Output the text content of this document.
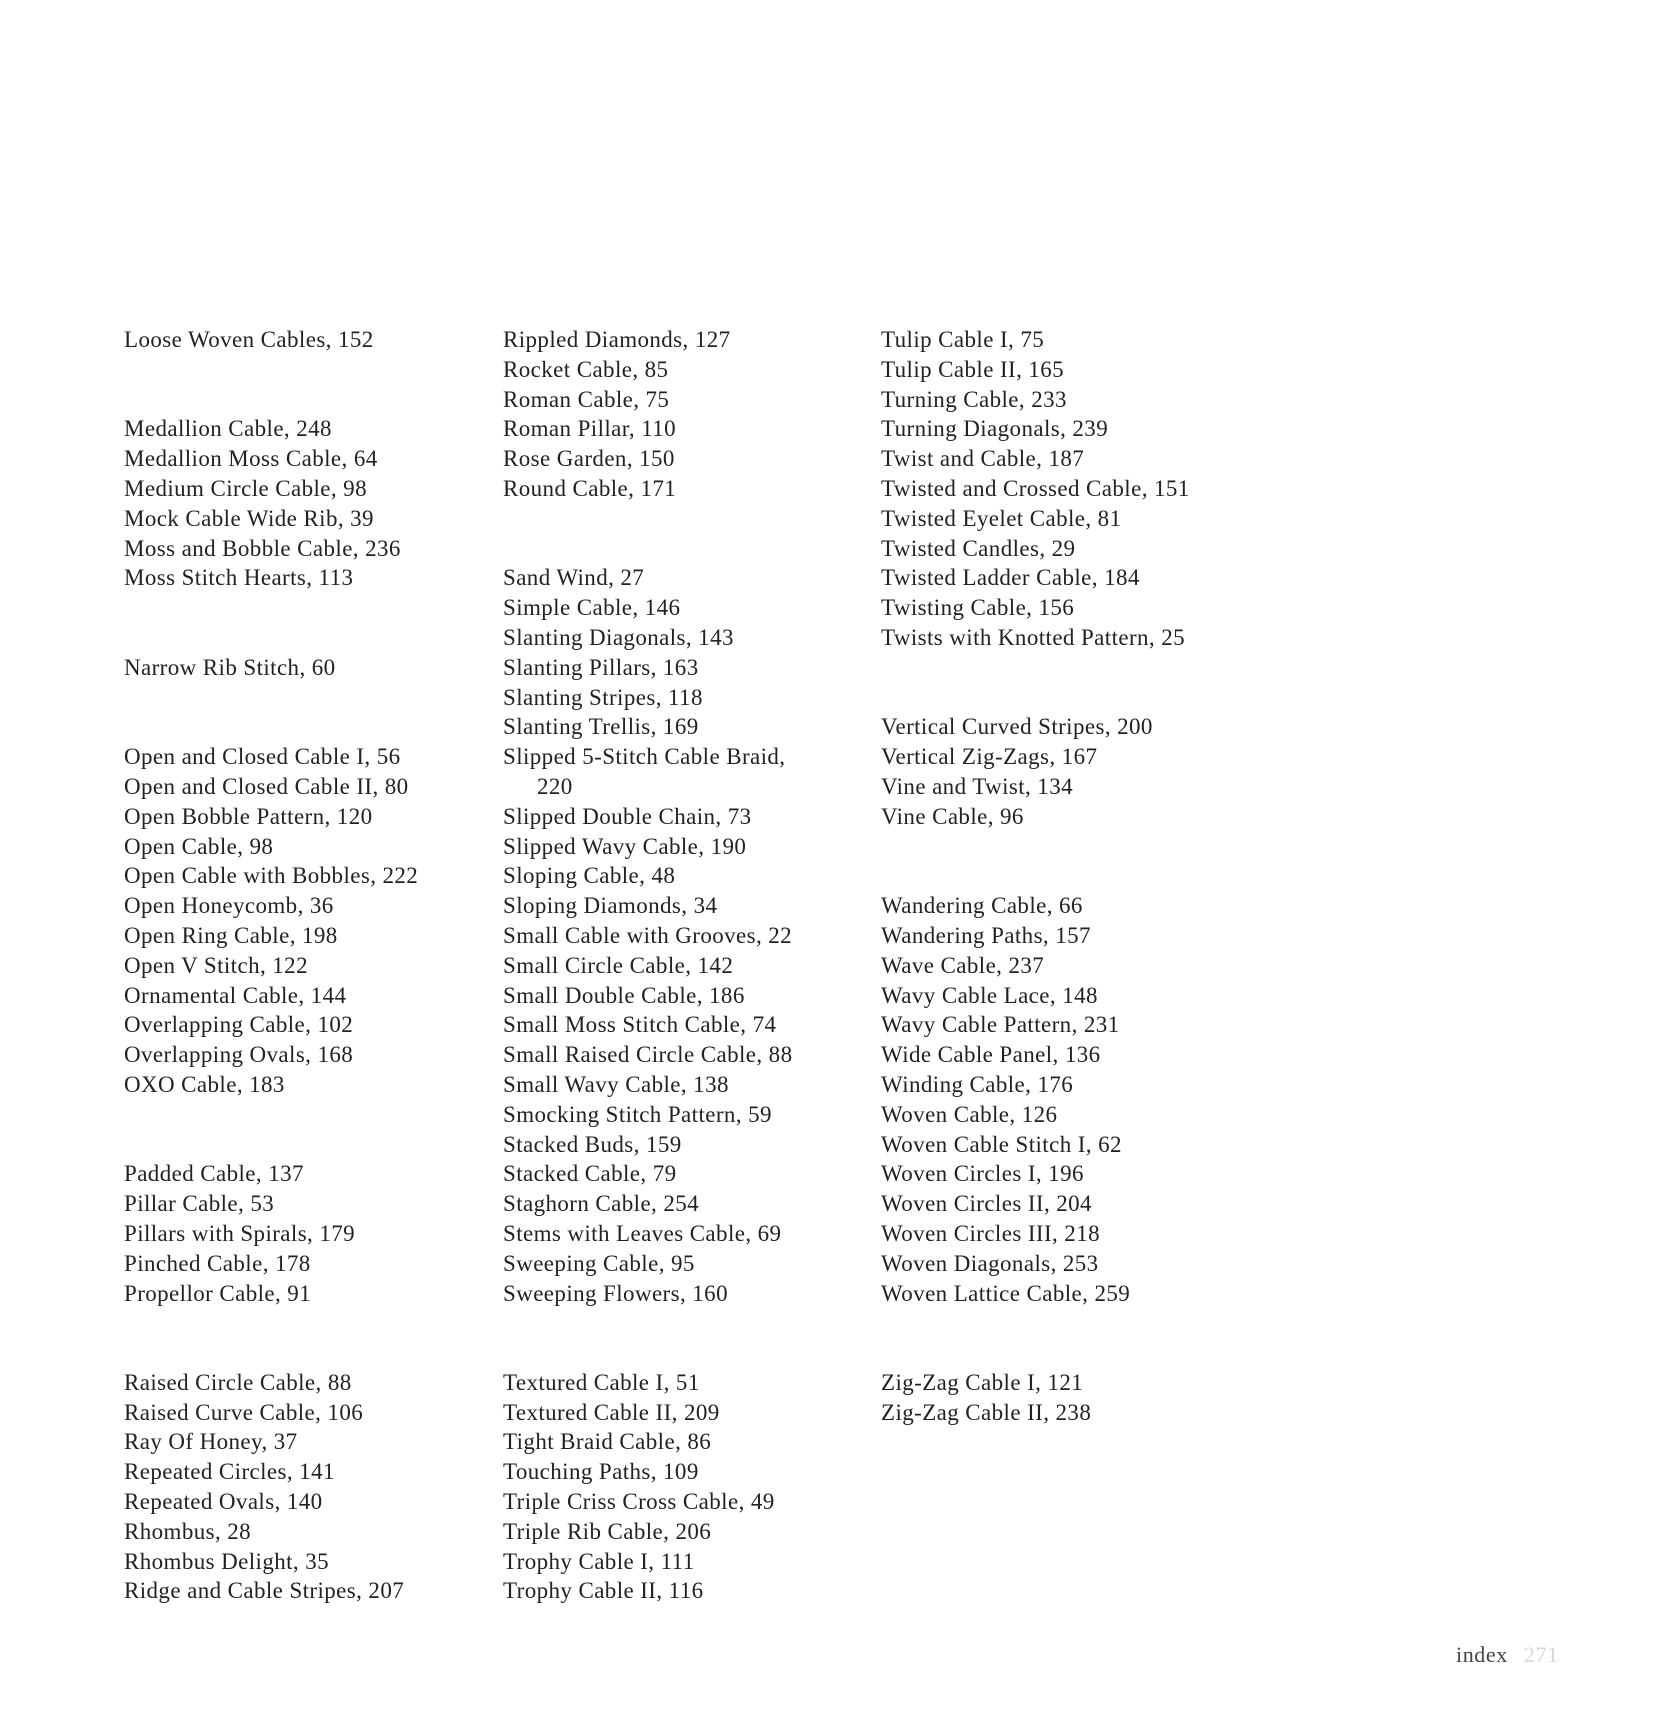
Loose Woven Cables, 152
Medallion Cable, 248
Medallion Moss Cable, 64
Medium Circle Cable, 98
Mock Cable Wide Rib, 39
Moss and Bobble Cable, 236
Moss Stitch Hearts, 113
Narrow Rib Stitch, 60
Open and Closed Cable I, 56
Open and Closed Cable II, 80
Open Bobble Pattern, 120
Open Cable, 98
Open Cable with Bobbles, 222
Open Honeycomb, 36
Open Ring Cable, 198
Open V Stitch, 122
Ornamental Cable, 144
Overlapping Cable, 102
Overlapping Ovals, 168
OXO Cable, 183
Padded Cable, 137
Pillar Cable, 53
Pillars with Spirals, 179
Pinched Cable, 178
Propellor Cable, 91
Raised Circle Cable, 88
Raised Curve Cable, 106
Ray Of Honey, 37
Repeated Circles, 141
Repeated Ovals, 140
Rhombus, 28
Rhombus Delight, 35
Ridge and Cable Stripes, 207
Rippled Diamonds, 127
Rocket Cable, 85
Roman Cable, 75
Roman Pillar, 110
Rose Garden, 150
Round Cable, 171
Sand Wind, 27
Simple Cable, 146
Slanting Diagonals, 143
Slanting Pillars, 163
Slanting Stripes, 118
Slanting Trellis, 169
Slipped 5-Stitch Cable Braid,
220
Slipped Double Chain, 73
Slipped Wavy Cable, 190
Sloping Cable, 48
Sloping Diamonds, 34
Small Cable with Grooves, 22
Small Circle Cable, 142
Small Double Cable, 186
Small Moss Stitch Cable, 74
Small Raised Circle Cable, 88
Small Wavy Cable, 138
Smocking Stitch Pattern, 59
Stacked Buds, 159
Stacked Cable, 79
Staghorn Cable, 254
Stems with Leaves Cable, 69
Sweeping Cable, 95
Sweeping Flowers, 160
Textured Cable I, 51
Textured Cable II, 209
Tight Braid Cable, 86
Touching Paths, 109
Triple Criss Cross Cable, 49
Triple Rib Cable, 206
Trophy Cable I, 111
Trophy Cable II, 116
Tulip Cable I, 75
Tulip Cable II, 165
Turning Cable, 233
Turning Diagonals, 239
Twist and Cable, 187
Twisted and Crossed Cable, 151
Twisted Eyelet Cable, 81
Twisted Candles, 29
Twisted Ladder Cable, 184
Twisting Cable, 156
Twists with Knotted Pattern, 25
Vertical Curved Stripes, 200
Vertical Zig-Zags, 167
Vine and Twist, 134
Vine Cable, 96
Wandering Cable, 66
Wandering Paths, 157
Wave Cable, 237
Wavy Cable Lace, 148
Wavy Cable Pattern, 231
Wide Cable Panel, 136
Winding Cable, 176
Woven Cable, 126
Woven Cable Stitch I, 62
Woven Circles I, 196
Woven Circles II, 204
Woven Circles III, 218
Woven Diagonals, 253
Woven Lattice Cable, 259
Zig-Zag Cable I, 121
Zig-Zag Cable II, 238
index 271
